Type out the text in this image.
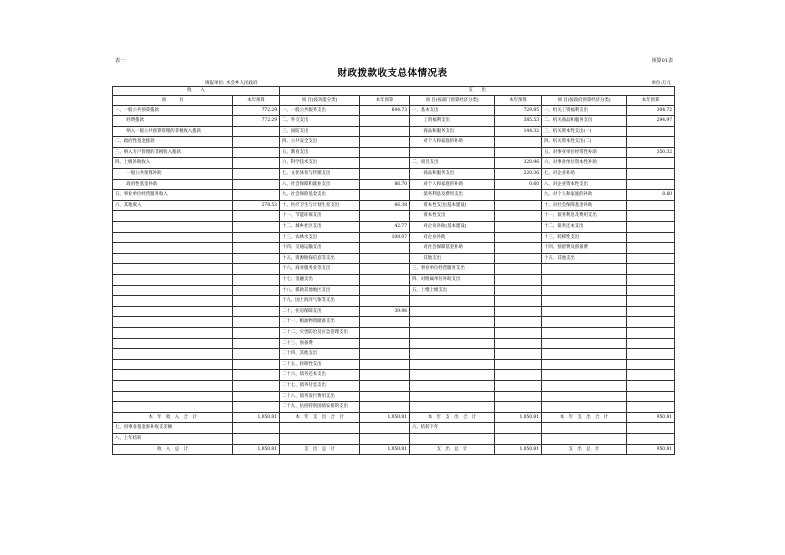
表一	预算01表
财政拨款收支总体情况表
填报单位: 木会乡人民政府	单位:万元
收　　入		支　　出					
项　　　目	本年预算	项 目(按功能分类)	本年预算	项 目(按部门预算经济分类)	本年预算	项 目(按政府预算经济分类)	本年预算
一、一般公共预算拨款	772.29	一、一般公共服务支出	644.73	一、基本支出	729.85	一、机关工资福利支出	304.72
　经费拨款	772.29	二、外交支出		　工资福利支出	385.53	二、机关商品和服务支出	294.97
　纳入一般公共预算管理的非税收入拨款		三、国防支出		　商品和服务支出	144.32	三、机关资本性支出(一)	
二、政府性基金拨款		四、公共安全支出		　对个人和家庭的补助		四、机关资本性支出(二)	
三、纳入专户管理的非税收入拨款		五、教育支出				五、对事业单位经常性补助	350.32
四、上级补助收入		六、科学技术支出		二、项目支出	320.96	六、对事业单位资本性补助	
　一般公共预算补助		七、文化体育与传媒支出		　商品和服务支出	220.36	七、对企业补助	
　政府性基金补助		八、社会保障和就业支出	86.70	　对个人和家庭的补助	0.60	八、对企业资本性支出	
五、事业单位经营服务收入		九、社会保险基金支出		　债务利息及费用支出		九、对个人和家庭的补助	0.60
六、其他收入	278.53	十、医疗卫生与计划生育支出	66.38	　资本性支出(基本建设)		十、对社会保障基金补助	
		十一、节能环保支出		　资本性支出		十一、债务利息及费用支出	
		十二、城乡社区支出	42.77	　对企业补助(基本建设)		十二、债务还本支出	
		十三、农林水支出	108.07	　对企业补助		十三、转移性支出	
		十四、交通运输支出		　对社会保障基金补助		十四、预留费及预备费	
		十五、资源勘探信息等支出		　其他支出		十五、其他支出	
		十六、商业服务业等支出		三、事业单位经营服务支出			
		十七、金融支出		四、对附属单位补助支出			
		十八、援助其他地区支出		五、上缴上级支出			
		十九、国土海洋气象等支出					
		二十、住房保障支出	39.96				
		二十一、粮油物资储备支出					
		二十二、灾害防治及应急管理支出					
		二十三、预备费					
		二十四、其他支出					
		二十五、转移性支出					
		二十六、债务还本支出					
		二十七、债务付息支出					
		二十八、债务发行费用支出					
		二十九、抗疫特别国债安排的支出					
本　年　收　入　合　计	1,050.81	本　年　支　出　合　计	1,050.81	本　年　支　出　合　计	1,050.81	本　年　支　出　合　计	950.81
七、用事业基金弥补收支差额				六、结转下年			
八、上年结转							
收　入　总　计	1,050.81	支　出　总　计	1,050.81	支　出　总　计	1,050.81	支　出　总　计	950.81
